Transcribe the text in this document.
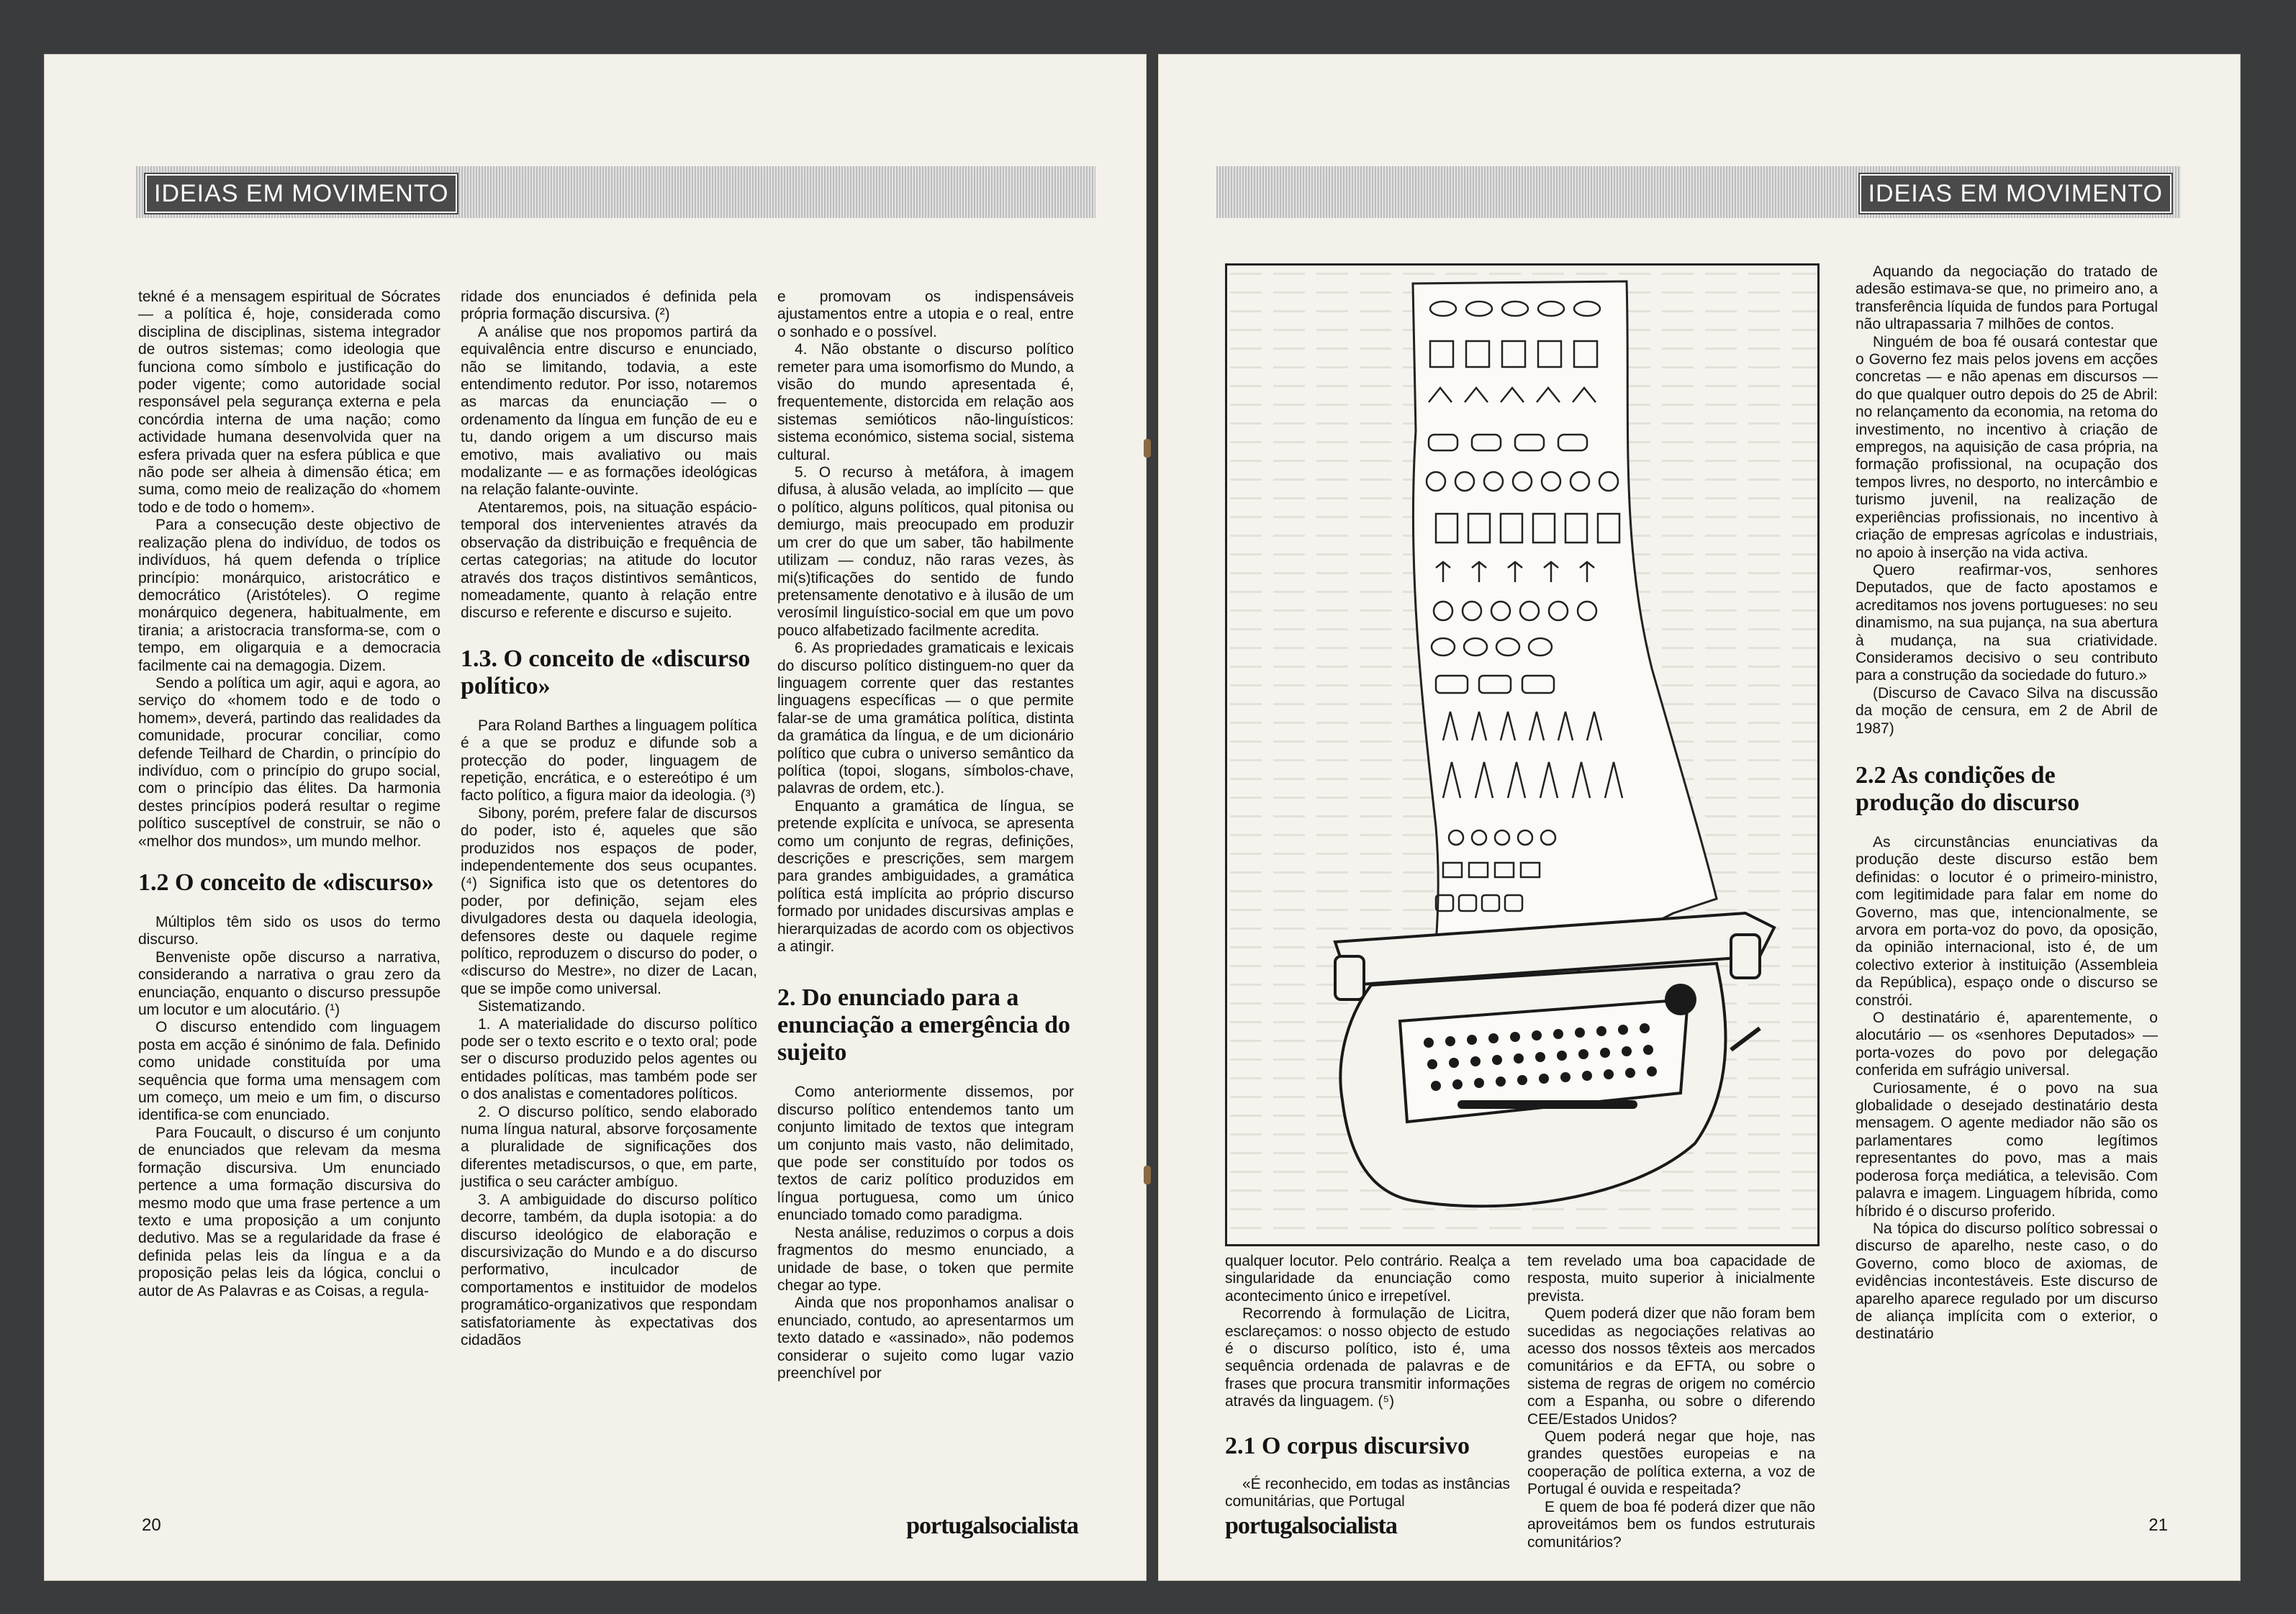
IDEIAS EM MOVIMENTO

tekné é a mensagem espiritual de Sócrates — a política é, hoje, considerada como disciplina de disciplinas, sistema integrador de outros sistemas; como ideologia que funciona como símbolo e justificação do poder vigente; como autoridade social responsável pela segurança externa e pela concórdia interna de uma nação; como actividade humana desenvolvida quer na esfera privada quer na esfera pública e que não pode ser alheia à dimensão ética; em suma, como meio de realização do «homem todo e de todo o homem».

Para a consecução deste objectivo de realização plena do indivíduo, de todos os indivíduos, há quem defenda o tríplice princípio: monárquico, aristocrático e democrático (Aristóteles). O regime monárquico degenera, habitualmente, em tirania; a aristocracia transforma-se, com o tempo, em oligarquia e a democracia facilmente cai na demagogia. Dizem.

Sendo a política um agir, aqui e agora, ao serviço do «homem todo e de todo o homem», deverá, partindo das realidades da comunidade, procurar conciliar, como defende Teilhard de Chardin, o princípio do indivíduo, com o princípio do grupo social, com o princípio das élites. Da harmonia destes princípios poderá resultar o regime político susceptível de construir, se não o «melhor dos mundos», um mundo melhor.

1.2 O conceito de «discurso»

Múltiplos têm sido os usos do termo discurso.

Benveniste opõe discurso a narrativa, considerando a narrativa o grau zero da enunciação, enquanto o discurso pressupõe um locutor e um alocutário. (¹)

O discurso entendido com linguagem posta em acção é sinónimo de fala. Definido como unidade constituída por uma sequência que forma uma mensagem com um começo, um meio e um fim, o discurso identifica-se com enunciado.

Para Foucault, o discurso é um conjunto de enunciados que relevam da mesma formação discursiva. Um enunciado pertence a uma formação discursiva do mesmo modo que uma frase pertence a um texto e uma proposição a um conjunto dedutivo. Mas se a regularidade da frase é definida pelas leis da língua e a da proposição pelas leis da lógica, conclui o autor de As Palavras e as Coisas, a regula-

ridade dos enunciados é definida pela própria formação discursiva. (²)

A análise que nos propomos partirá da equivalência entre discurso e enunciado, não se limitando, todavia, a este entendimento redutor. Por isso, notaremos as marcas da enunciação — o ordenamento da língua em função de eu e tu, dando origem a um discurso mais emotivo, mais avaliativo ou mais modalizante — e as formações ideológicas na relação falante-ouvinte.

Atentaremos, pois, na situação espácio-temporal dos intervenientes através da observação da distribuição e frequência de certas categorias; na atitude do locutor através dos traços distintivos semânticos, nomeadamente, quanto à relação entre discurso e referente e discurso e sujeito.

1.3. O conceito de «discurso político»

Para Roland Barthes a linguagem política é a que se produz e difunde sob a protecção do poder, linguagem de repetição, encrática, e o estereótipo é um facto político, a figura maior da ideologia. (³)

Sibony, porém, prefere falar de discursos do poder, isto é, aqueles que são produzidos nos espaços de poder, independentemente dos seus ocupantes. (⁴) Significa isto que os detentores do poder, por definição, sejam eles divulgadores desta ou daquela ideologia, defensores deste ou daquele regime político, reproduzem o discurso do poder, o «discurso do Mestre», no dizer de Lacan, que se impõe como universal.

Sistematizando.

1. A materialidade do discurso político pode ser o texto escrito e o texto oral; pode ser o discurso produzido pelos agentes ou entidades políticas, mas também pode ser o dos analistas e comentadores políticos.

2. O discurso político, sendo elaborado numa língua natural, absorve forçosamente a pluralidade de significações dos diferentes metadiscursos, o que, em parte, justifica o seu carácter ambíguo.

3. A ambiguidade do discurso político decorre, também, da dupla isotopia: a do discurso ideológico de elaboração e discursivização do Mundo e a do discurso performativo, inculcador de comportamentos e instituidor de modelos programático-organizativos que respondam satisfatoriamente às expectativas dos cidadãos

e promovam os indispensáveis ajustamentos entre a utopia e o real, entre o sonhado e o possível.

4. Não obstante o discurso político remeter para uma isomorfismo do Mundo, a visão do mundo apresentada é, frequentemente, distorcida em relação aos sistemas semióticos não-linguísticos: sistema económico, sistema social, sistema cultural.

5. O recurso à metáfora, à imagem difusa, à alusão velada, ao implícito — que o político, alguns políticos, qual pitonisa ou demiurgo, mais preocupado em produzir um crer do que um saber, tão habilmente utilizam — conduz, não raras vezes, às mi(s)tificações do sentido de fundo pretensamente denotativo e à ilusão de um verosímil linguístico-social em que um povo pouco alfabetizado facilmente acredita.

6. As propriedades gramaticais e lexicais do discurso político distinguem-no quer da linguagem corrente quer das restantes linguagens específicas — o que permite falar-se de uma gramática política, distinta da gramática da língua, e de um dicionário político que cubra o universo semântico da política (topoi, slogans, símbolos-chave, palavras de ordem, etc.).

Enquanto a gramática de língua, se pretende explícita e unívoca, se apresenta como um conjunto de regras, definições, descrições e prescrições, sem margem para grandes ambiguidades, a gramática política está implícita ao próprio discurso formado por unidades discursivas amplas e hierarquizadas de acordo com os objectivos a atingir.

2. Do enunciado para a enunciação a emergência do sujeito

Como anteriormente dissemos, por discurso político entendemos tanto um conjunto limitado de textos que integram um conjunto mais vasto, não delimitado, que pode ser constituído por todos os textos de cariz político produzidos em língua portuguesa, como um único enunciado tomado como paradigma.

Nesta análise, reduzimos o corpus a dois fragmentos do mesmo enunciado, a unidade de base, o token que permite chegar ao type.

Ainda que nos proponhamos analisar o enunciado, contudo, ao apresentarmos um texto datado e «assinado», não podemos considerar o sujeito como lugar vazio preenchível por

20	portugalsocialista
IDEIAS EM MOVIMENTO

qualquer locutor. Pelo contrário. Realça a singularidade da enunciação como acontecimento único e irrepetível.

Recorrendo à formulação de Licitra, esclareçamos: o nosso objecto de estudo é o discurso político, isto é, uma sequência ordenada de palavras e de frases que procura transmitir informações através da linguagem. (⁵)

2.1 O corpus discursivo

«É reconhecido, em todas as instâncias comunitárias, que Portugal

tem revelado uma boa capacidade de resposta, muito superior à inicialmente prevista.

Quem poderá dizer que não foram bem sucedidas as negociações relativas ao acesso dos nossos têxteis aos mercados comunitários e da EFTA, ou sobre o sistema de regras de origem no comércio com a Espanha, ou sobre o diferendo CEE/Estados Unidos?

Quem poderá negar que hoje, nas grandes questões europeias e na cooperação de política externa, a voz de Portugal é ouvida e respeitada?

E quem de boa fé poderá dizer que não aproveitámos bem os fundos estruturais comunitários?

Aquando da negociação do tratado de adesão estimava-se que, no primeiro ano, a transferência líquida de fundos para Portugal não ultrapassaria 7 milhões de contos.

Ninguém de boa fé ousará contestar que o Governo fez mais pelos jovens em acções concretas — e não apenas em discursos — do que qualquer outro depois do 25 de Abril: no relançamento da economia, na retoma do investimento, no incentivo à criação de empregos, na aquisição de casa própria, na formação profissional, na ocupação dos tempos livres, no desporto, no intercâmbio e turismo juvenil, na realização de experiências profissionais, no incentivo à criação de empresas agrícolas e industriais, no apoio à inserção na vida activa.

Quero reafirmar-vos, senhores Deputados, que de facto apostamos e acreditamos nos jovens portugueses: no seu dinamismo, na sua pujança, na sua abertura à mudança, na sua criatividade. Consideramos decisivo o seu contributo para a construção da sociedade do futuro.»

(Discurso de Cavaco Silva na discussão da moção de censura, em 2 de Abril de 1987)

2.2 As condições de produção do discurso

As circunstâncias enunciativas da produção deste discurso estão bem definidas: o locutor é o primeiro-ministro, com legitimidade para falar em nome do Governo, mas que, intencionalmente, se arvora em porta-voz do povo, da oposição, da opinião internacional, isto é, de um colectivo exterior à instituição (Assembleia da República), espaço onde o discurso se constrói.

O destinatário é, aparentemente, o alocutário — os «senhores Deputados» — porta-vozes do povo por delegação conferida em sufrágio universal.

Curiosamente, é o povo na sua globalidade o desejado destinatário desta mensagem. O agente mediador não são os parlamentares como legítimos representantes do povo, mas a mais poderosa força mediática, a televisão. Com palavra e imagem. Linguagem híbrida, como híbrido é o discurso proferido.

Na tópica do discurso político sobressai o discurso de aparelho, neste caso, o do Governo, como bloco de axiomas, de evidências incontestáveis. Este discurso de aparelho aparece regulado por um discurso de aliança implícita com o exterior, o destinatário

portugalsocialista	21
